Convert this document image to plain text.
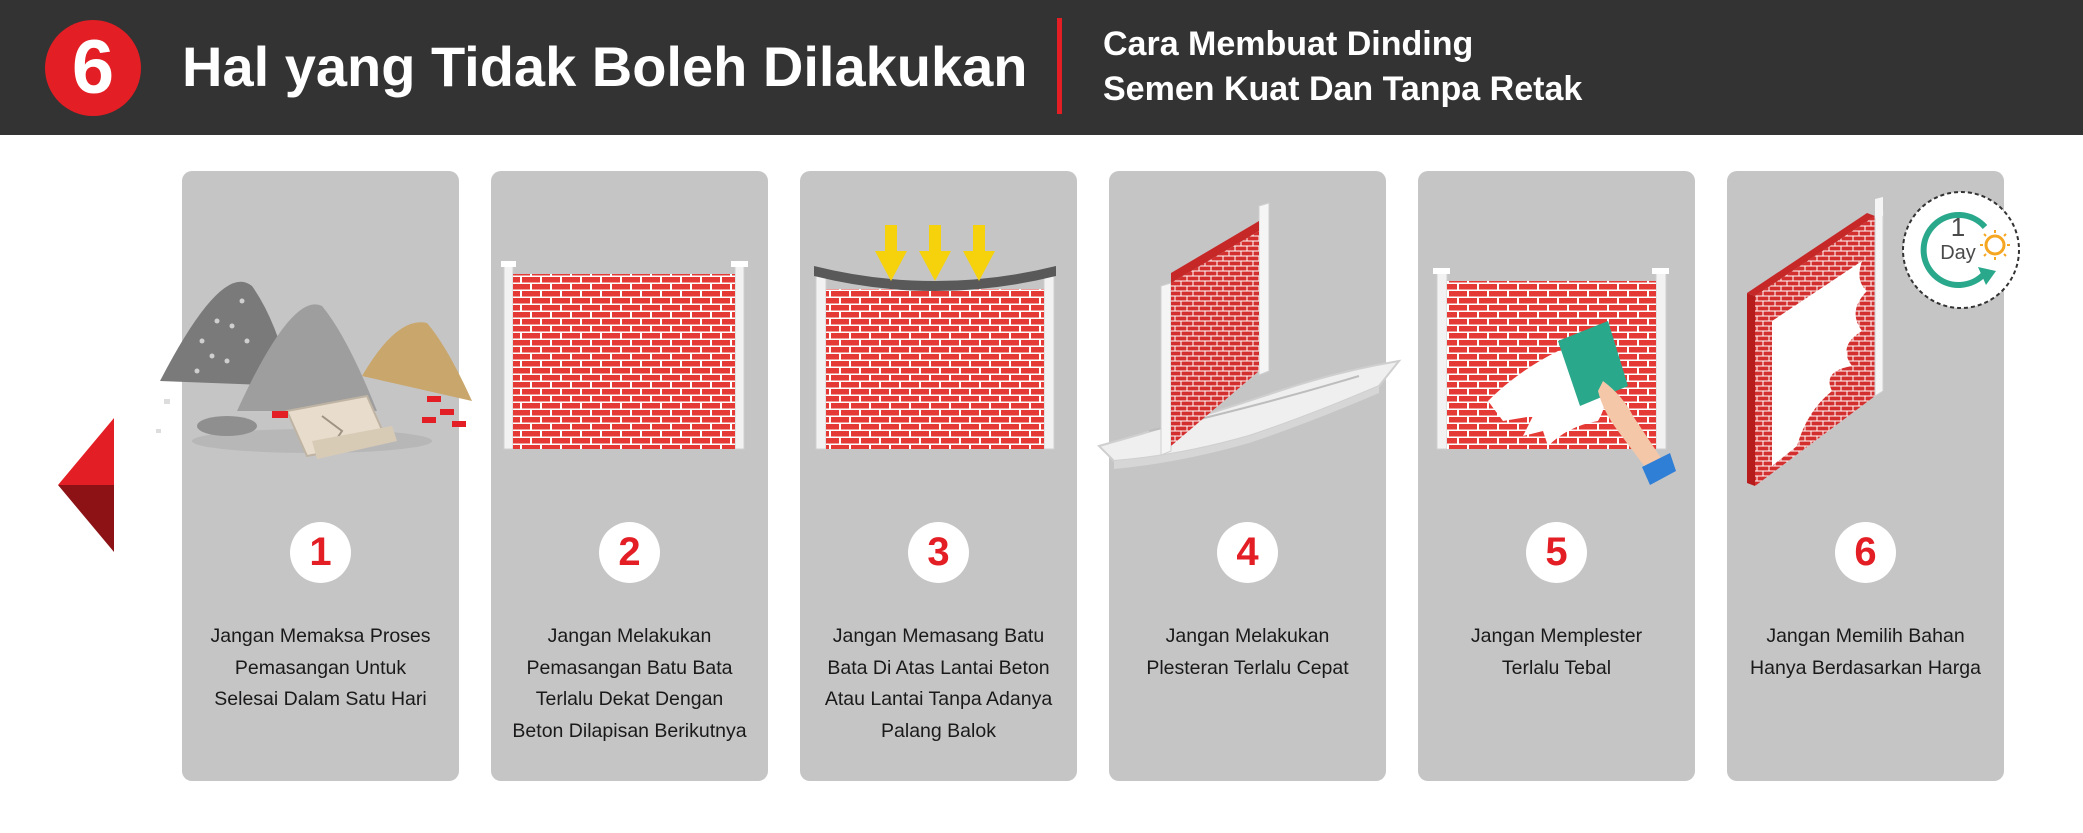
6	Hal yang Tidak Boleh Dilakukan Cara Membuat Dinding
Semen Kuat Dan Tanpa Retak
1
Jangan Memaksa Proses
Pemasangan Untuk
Selesai Dalam Satu Hari
2
Jangan Melakukan
Pemasangan Batu Bata
Terlalu Dekat Dengan
Beton Dilapisan Berikutnya
3
Jangan Memasang Batu
Bata Di Atas Lantai Beton
Atau Lantai Tanpa Adanya
Palang Balok
4
Jangan Melakukan
Plesteran Terlalu Cepat
5
Jangan Memplester
Terlalu Tebal
1
Day
6
Jangan Memilih Bahan
Hanya Berdasarkan Harga
